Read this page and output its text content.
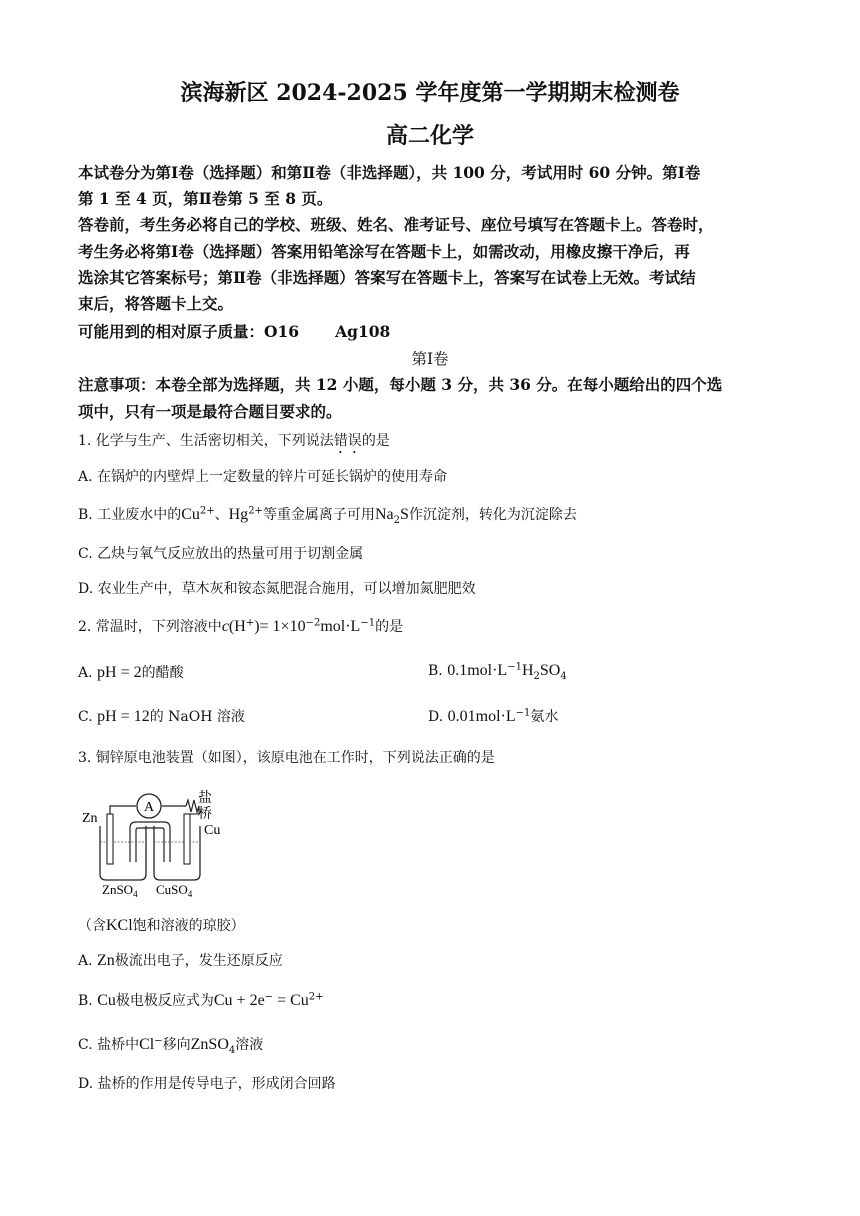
滨海新区 2024-2025 学年度第一学期期末检测卷
高二化学
本试卷分为第Ⅰ卷（选择题）和第Ⅱ卷（非选择题），共 100 分，考试用时 60 分钟。第Ⅰ卷
第 1 至 4 页，第Ⅱ卷第 5 至 8 页。
答卷前，考生务必将自己的学校、班级、姓名、准考证号、座位号填写在答题卡上。答卷时，
考生务必将第Ⅰ卷（选择题）答案用铅笔涂写在答题卡上，如需改动，用橡皮擦干净后，再
选涂其它答案标号；第Ⅱ卷（非选择题）答案写在答题卡上，答案写在试卷上无效。考试结
束后，将答题卡上交。
可能用到的相对原子质量：O16 Ag108
第Ⅰ卷
注意事项：本卷全部为选择题，共 12 小题，每小题 3 分，共 36 分。在每小题给出的四个选
项中，只有一项是最符合题目要求的。
1. 化学与生产、生活密切相关，下列说法错误的是
A. 在锅炉的内壁焊上一定数量的锌片可延长锅炉的使用寿命
B. 工业废水中的$Cu^{2+}$、$Hg^{2+}$等重金属离子可用$Na_2S$作沉淀剂，转化为沉淀除去
C. 乙炔与氧气反应放出的热量可用于切割金属
D. 农业生产中，草木灰和铵态氮肥混合施用，可以增加氮肥肥效
2. 常温时，下列溶液中$c(H^+)= 1\times 10^{-2}mol\cdot L^{-1}$的是
A. pH = 2的醋酸	B. $0.1mol\cdot L^{-1}H_2SO_4$
C. pH = 12的 NaOH 溶液	D. $0.01mol\cdot L^{-1}$氨水
3. 铜锌原电池装置（如图），该原电池在工作时，下列说法正确的是
A
Zn
Cu
盐
桥
ZnSO$_4$ CuSO$_4$
（含KCl饱和溶液的琼胶）
A. Zn极流出电子，发生还原反应
B. Cu极电极反应式为$Cu + 2e^- = Cu^{2+}$
C. 盐桥中Cl−移向ZnSO$_4$溶液
D. 盐桥的作用是传导电子，形成闭合回路
